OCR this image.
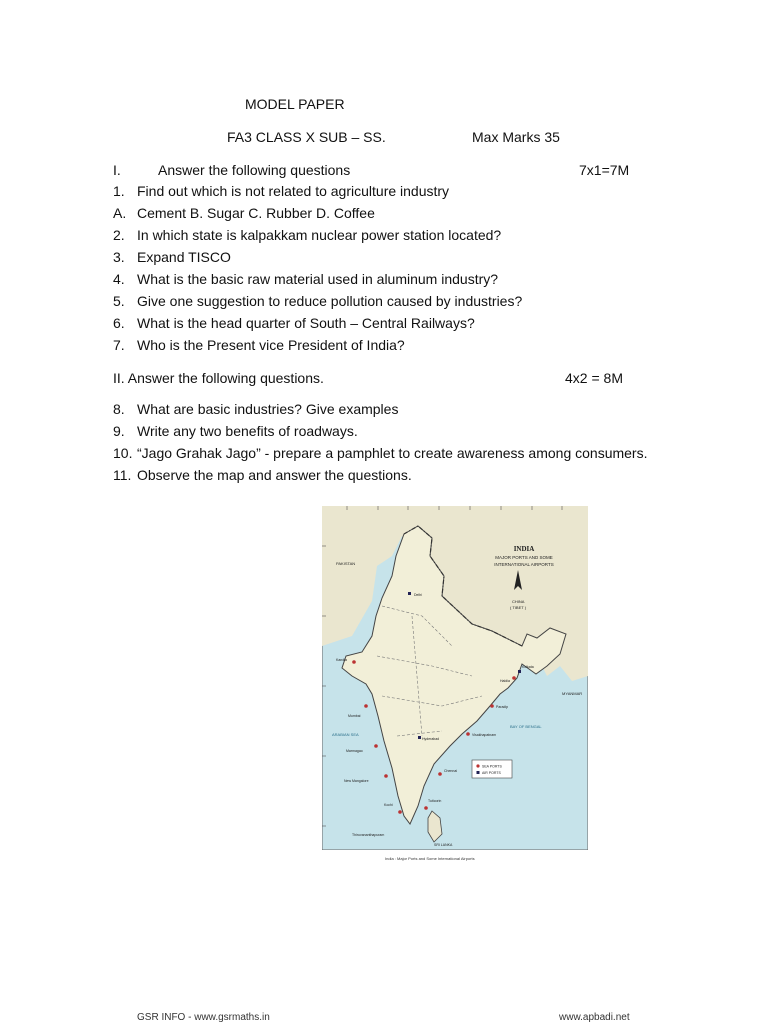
MODEL PAPER
FA3 CLASS X SUB – SS.	Max Marks 35
I.	Answer the following questions	7x1=7M
1. Find out which is not related to agriculture industry
A. Cement B. Sugar C. Rubber D. Coffee
2. In which state is kalpakkam nuclear power station located?
3. Expand TISCO
4. What is the basic raw material used in aluminum industry?
5. Give one suggestion to reduce pollution caused by industries?
6. What is the head quarter of South – Central Railways?
7. Who is the Present vice President of India?
II. Answer the following questions.	4x2 = 8M
8. What are basic industries? Give examples
9. Write any two benefits of roadways.
10. “Jago Grahak Jago” - prepare a pamphlet to create awareness among consumers.
11. Observe the map and answer the questions.
INDIA
MAJOR PORTS AND SOME
INTERNATIONAL AIRPORTS
PAKISTAN
CHINA
( TIBET )
MYANMAR
ARABIAN SEA
BAY OF BENGAL
SRI LANKA
Kandla
Mumbai
Marmagao
New Mangalore
Kochi
Thiruvananthapuram
Tuticorin
Chennai
Visakhapatnam
Paradip
Haldia
Kolkata
Delhi
Hyderabad
SEA PORTS
AIR PORTS
India : Major Ports and Some International Airports
GSR INFO - www.gsrmaths.in	www.apbadi.net
